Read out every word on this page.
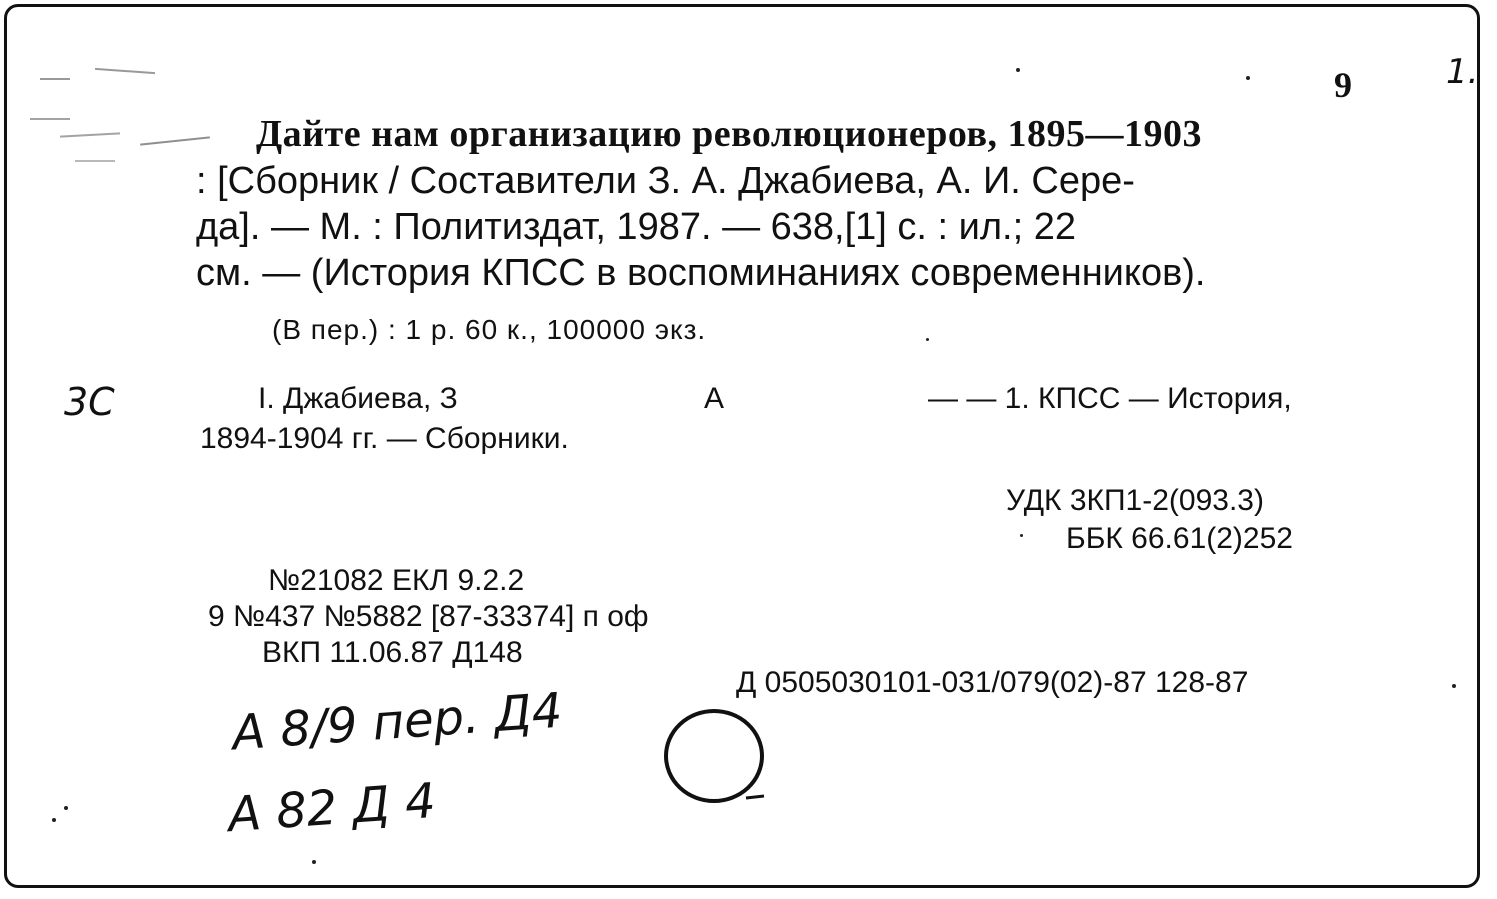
9	1.
Дайте нам организацию революционеров, 1895—1903
: [Сборник / Составители З. А. Джабиева, А. И. Сере-
да]. — М. : Политиздат, 1987. — 638,[1] с. : ил.; 22
см. — (История КПСС в воспоминаниях современников).
(В пер.) : 1 р. 60 к., 100000 экз.
3С	I. Джабиева, З	А	— — 1. КПСС — История,
1894-1904 гг. — Сборники.
УДК 3КП1-2(093.3)
ББК 66.61(2)252
№21082 ЕКЛ 9.2.2
9 №437 №5882 [87-33374] п оф
ВКП 11.06.87 Д148
Д 0505030101-031/079(02)-87 128-87
А 8/9 пер. Д4
А 82 Д 4
